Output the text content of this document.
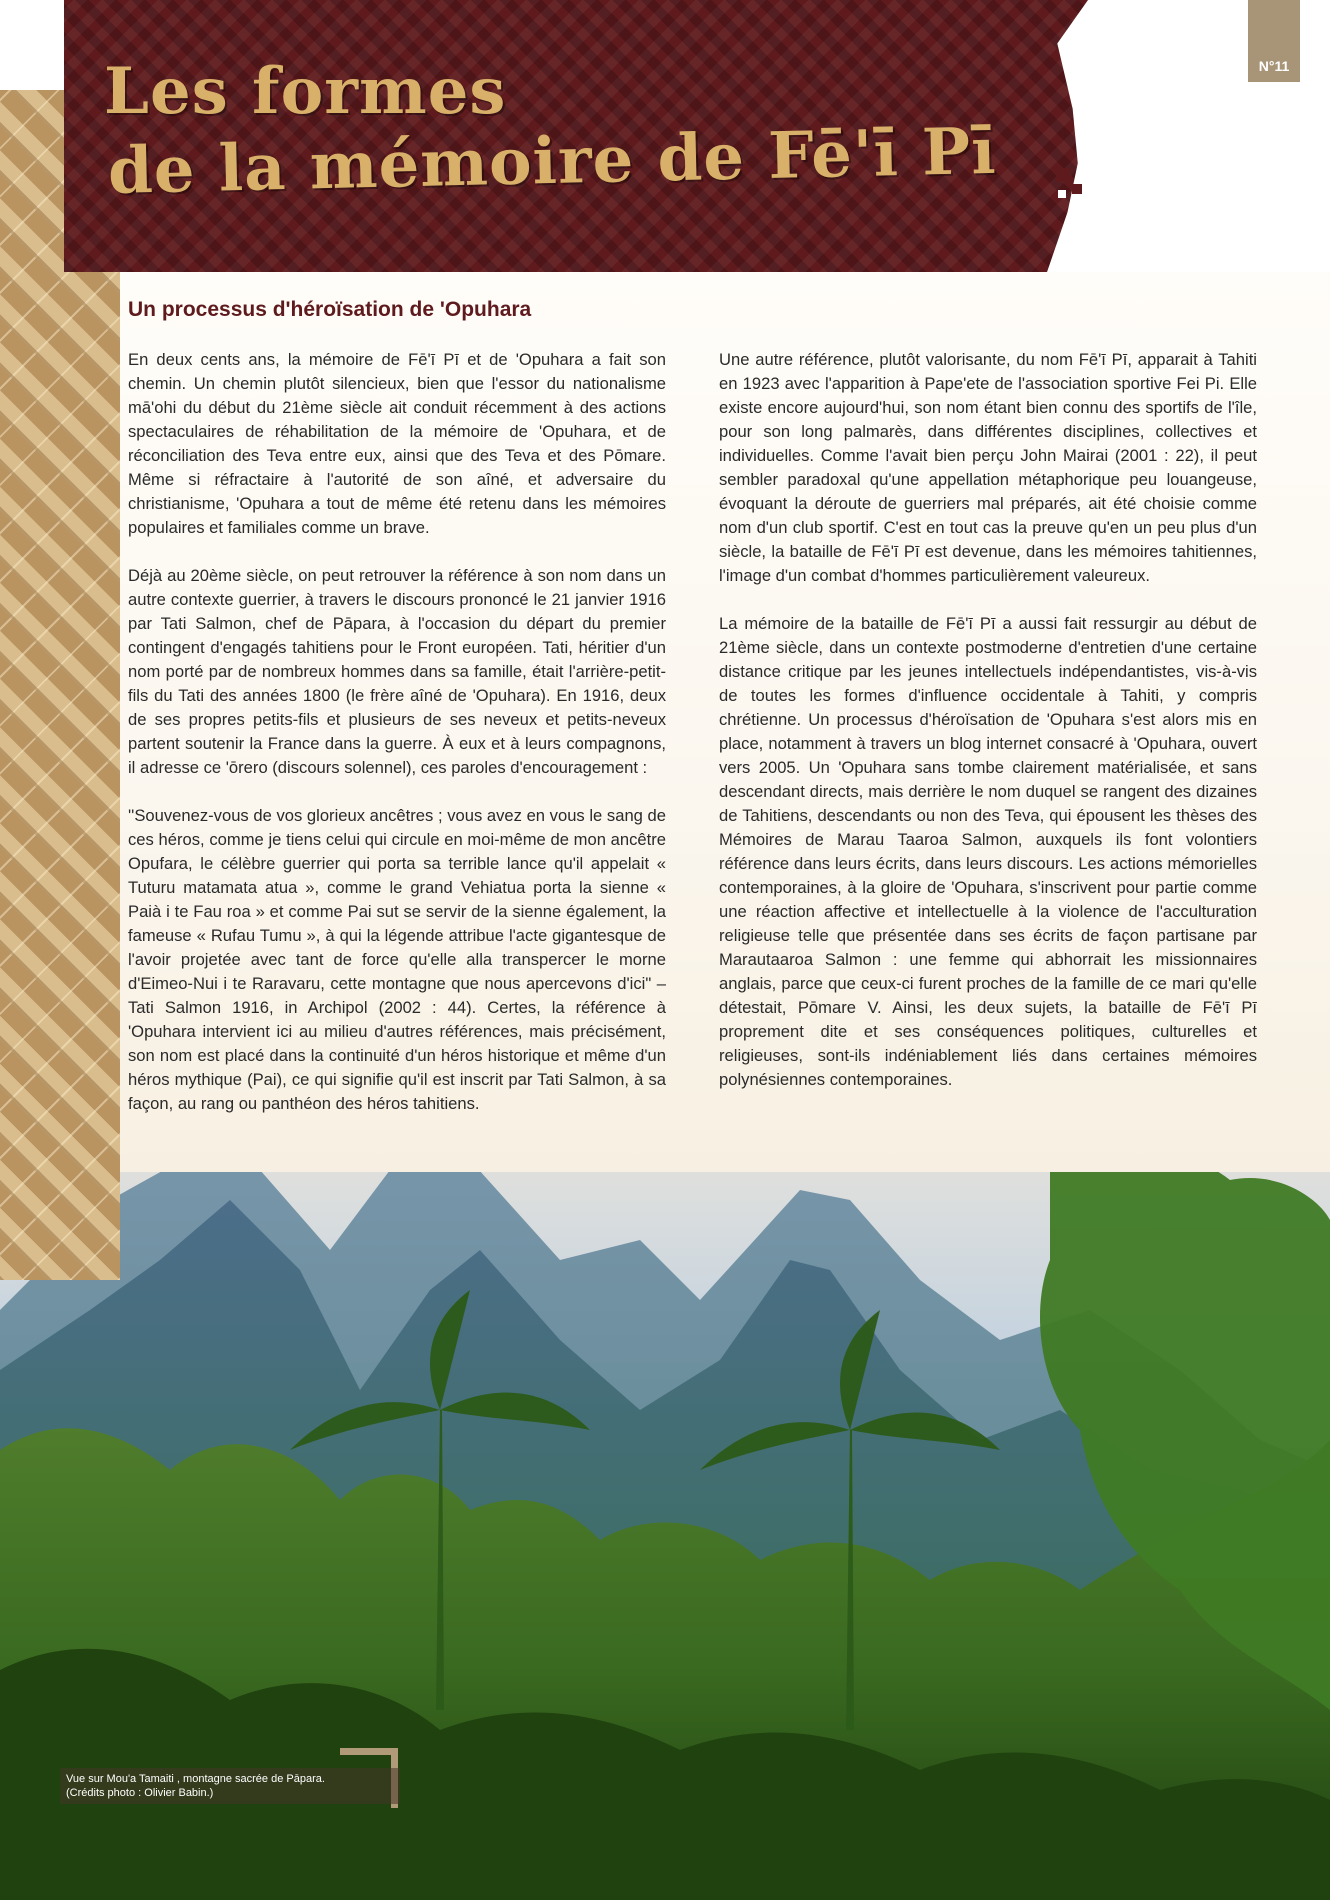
Les formes
de la mémoire de Fē'ī Pī
N°11
Un processus d'héroïsation de 'Opuhara

En deux cents ans, la mémoire de Fē'ī Pī et de 'Opuhara a fait son chemin. Un chemin plutôt silencieux, bien que l'essor du nationalisme mā'ohi du début du 21ème siècle ait conduit récemment à des actions spectaculaires de réhabilitation de la mémoire de 'Opuhara, et de réconciliation des Teva entre eux, ainsi que des Teva et des Pōmare. Même si réfractaire à l'autorité de son aîné, et adversaire du christianisme, 'Opuhara a tout de même été retenu dans les mémoires populaires et familiales comme un brave.

Déjà au 20ème siècle, on peut retrouver la référence à son nom dans un autre contexte guerrier, à travers le discours prononcé le 21 janvier 1916 par Tati Salmon, chef de Pāpara, à l'occasion du départ du premier contingent d'engagés tahitiens pour le Front européen. Tati, héritier d'un nom porté par de nombreux hommes dans sa famille, était l'arrière-petit-fils du Tati des années 1800 (le frère aîné de 'Opuhara). En 1916, deux de ses propres petits-fils et plusieurs de ses neveux et petits-neveux partent soutenir la France dans la guerre. À eux et à leurs compagnons, il adresse ce 'ōrero (discours solennel), ces paroles d'encouragement :

''Souvenez-vous de vos glorieux ancêtres ; vous avez en vous le sang de ces héros, comme je tiens celui qui circule en moi-même de mon ancêtre Opufara, le célèbre guerrier qui porta sa terrible lance qu'il appelait « Tuturu matamata atua », comme le grand Vehiatua porta la sienne « Paià i te Fau roa » et comme Pai sut se servir de la sienne également, la fameuse « Rufau Tumu », à qui la légende attribue l'acte gigantesque de l'avoir projetée avec tant de force qu'elle alla transpercer le morne d'Eimeo-Nui i te Raravaru, cette montagne que nous apercevons d'ici" – Tati Salmon 1916, in Archipol (2002 : 44). Certes, la référence à 'Opuhara intervient ici au milieu d'autres références, mais précisément, son nom est placé dans la continuité d'un héros historique et même d'un héros mythique (Pai), ce qui signifie qu'il est inscrit par Tati Salmon, à sa façon, au rang ou panthéon des héros tahitiens.

Une autre référence, plutôt valorisante, du nom Fē'ī Pī, apparait à Tahiti en 1923 avec l'apparition à Pape'ete de l'association sportive Fei Pi. Elle existe encore aujourd'hui, son nom étant bien connu des sportifs de l'île, pour son long palmarès, dans différentes disciplines, collectives et individuelles. Comme l'avait bien perçu John Mairai (2001 : 22), il peut sembler paradoxal qu'une appellation métaphorique peu louangeuse, évoquant la déroute de guerriers mal préparés, ait été choisie comme nom d'un club sportif. C'est en tout cas la preuve qu'en un peu plus d'un siècle, la bataille de Fē'ī Pī est devenue, dans les mémoires tahitiennes, l'image d'un combat d'hommes particulièrement valeureux.

La mémoire de la bataille de Fē'ī Pī a aussi fait ressurgir au début de 21ème siècle, dans un contexte postmoderne d'entretien d'une certaine distance critique par les jeunes intellectuels indépendantistes, vis-à-vis de toutes les formes d'influence occidentale à Tahiti, y compris chrétienne. Un processus d'héroïsation de 'Opuhara s'est alors mis en place, notamment à travers un blog internet consacré à 'Opuhara, ouvert vers 2005. Un 'Opuhara sans tombe clairement matérialisée, et sans descendant directs, mais derrière le nom duquel se rangent des dizaines de Tahitiens, descendants ou non des Teva, qui épousent les thèses des Mémoires de Marau Taaroa Salmon, auxquels ils font volontiers référence dans leurs écrits, dans leurs discours. Les actions mémorielles contemporaines, à la gloire de 'Opuhara, s'inscrivent pour partie comme une réaction affective et intellectuelle à la violence de l'acculturation religieuse telle que présentée dans ses écrits de façon partisane par Marautaaroa Salmon : une femme qui abhorrait les missionnaires anglais, parce que ceux-ci furent proches de la famille de ce mari qu'elle détestait, Pōmare V. Ainsi, les deux sujets, la bataille de Fē'ī Pī proprement dite et ses conséquences politiques, culturelles et religieuses, sont-ils indéniablement liés dans certaines mémoires polynésiennes contemporaines.

Vue sur Mou'a Tamaiti , montagne sacrée de Pāpara.
(Crédits photo : Olivier Babin.)
